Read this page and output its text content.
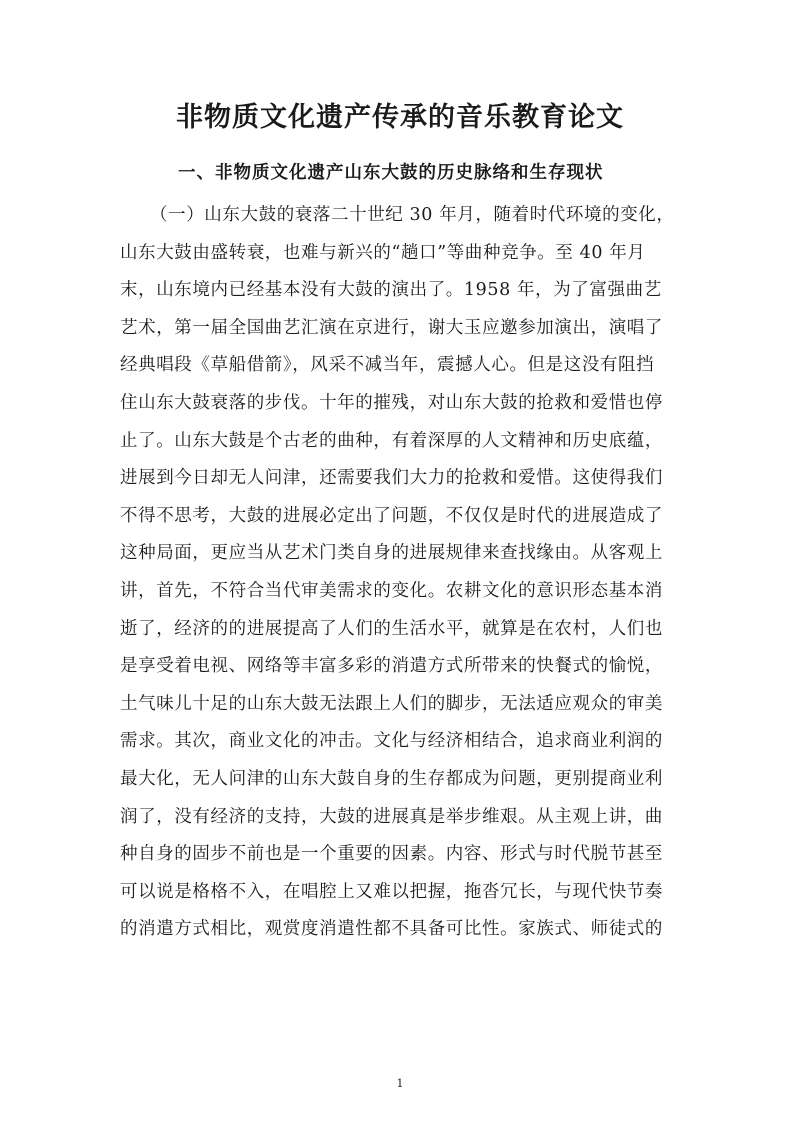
非物质文化遗产传承的音乐教育论文
一、非物质文化遗产山东大鼓的历史脉络和生存现状
（一）山东大鼓的衰落二十世纪 30 年月，随着时代环境的变化，
山东大鼓由盛转衰，也难与新兴的“趟口”等曲种竞争。至 40 年月
末，山东境内已经基本没有大鼓的演出了。1958 年，为了富强曲艺
艺术，第一届全国曲艺汇演在京进行，谢大玉应邀参加演出，演唱了
经典唱段《草船借箭》，风采不减当年，震撼人心。但是这没有阻挡
住山东大鼓衰落的步伐。十年的摧残，对山东大鼓的抢救和爱惜也停
止了。山东大鼓是个古老的曲种，有着深厚的人文精神和历史底蕴，
进展到今日却无人问津，还需要我们大力的抢救和爱惜。这使得我们
不得不思考，大鼓的进展必定出了问题，不仅仅是时代的进展造成了
这种局面，更应当从艺术门类自身的进展规律来查找缘由。从客观上
讲，首先，不符合当代审美需求的变化。农耕文化的意识形态基本消
逝了，经济的的进展提高了人们的生活水平，就算是在农村，人们也
是享受着电视、网络等丰富多彩的消遣方式所带来的快餐式的愉悦，
土气味儿十足的山东大鼓无法跟上人们的脚步，无法适应观众的审美
需求。其次，商业文化的冲击。文化与经济相结合，追求商业利润的
最大化，无人问津的山东大鼓自身的生存都成为问题，更别提商业利
润了，没有经济的支持，大鼓的进展真是举步维艰。从主观上讲，曲
种自身的固步不前也是一个重要的因素。内容、形式与时代脱节甚至
可以说是格格不入，在唱腔上又难以把握，拖沓冗长，与现代快节奏
的消遣方式相比，观赏度消遣性都不具备可比性。家族式、师徒式的
1
